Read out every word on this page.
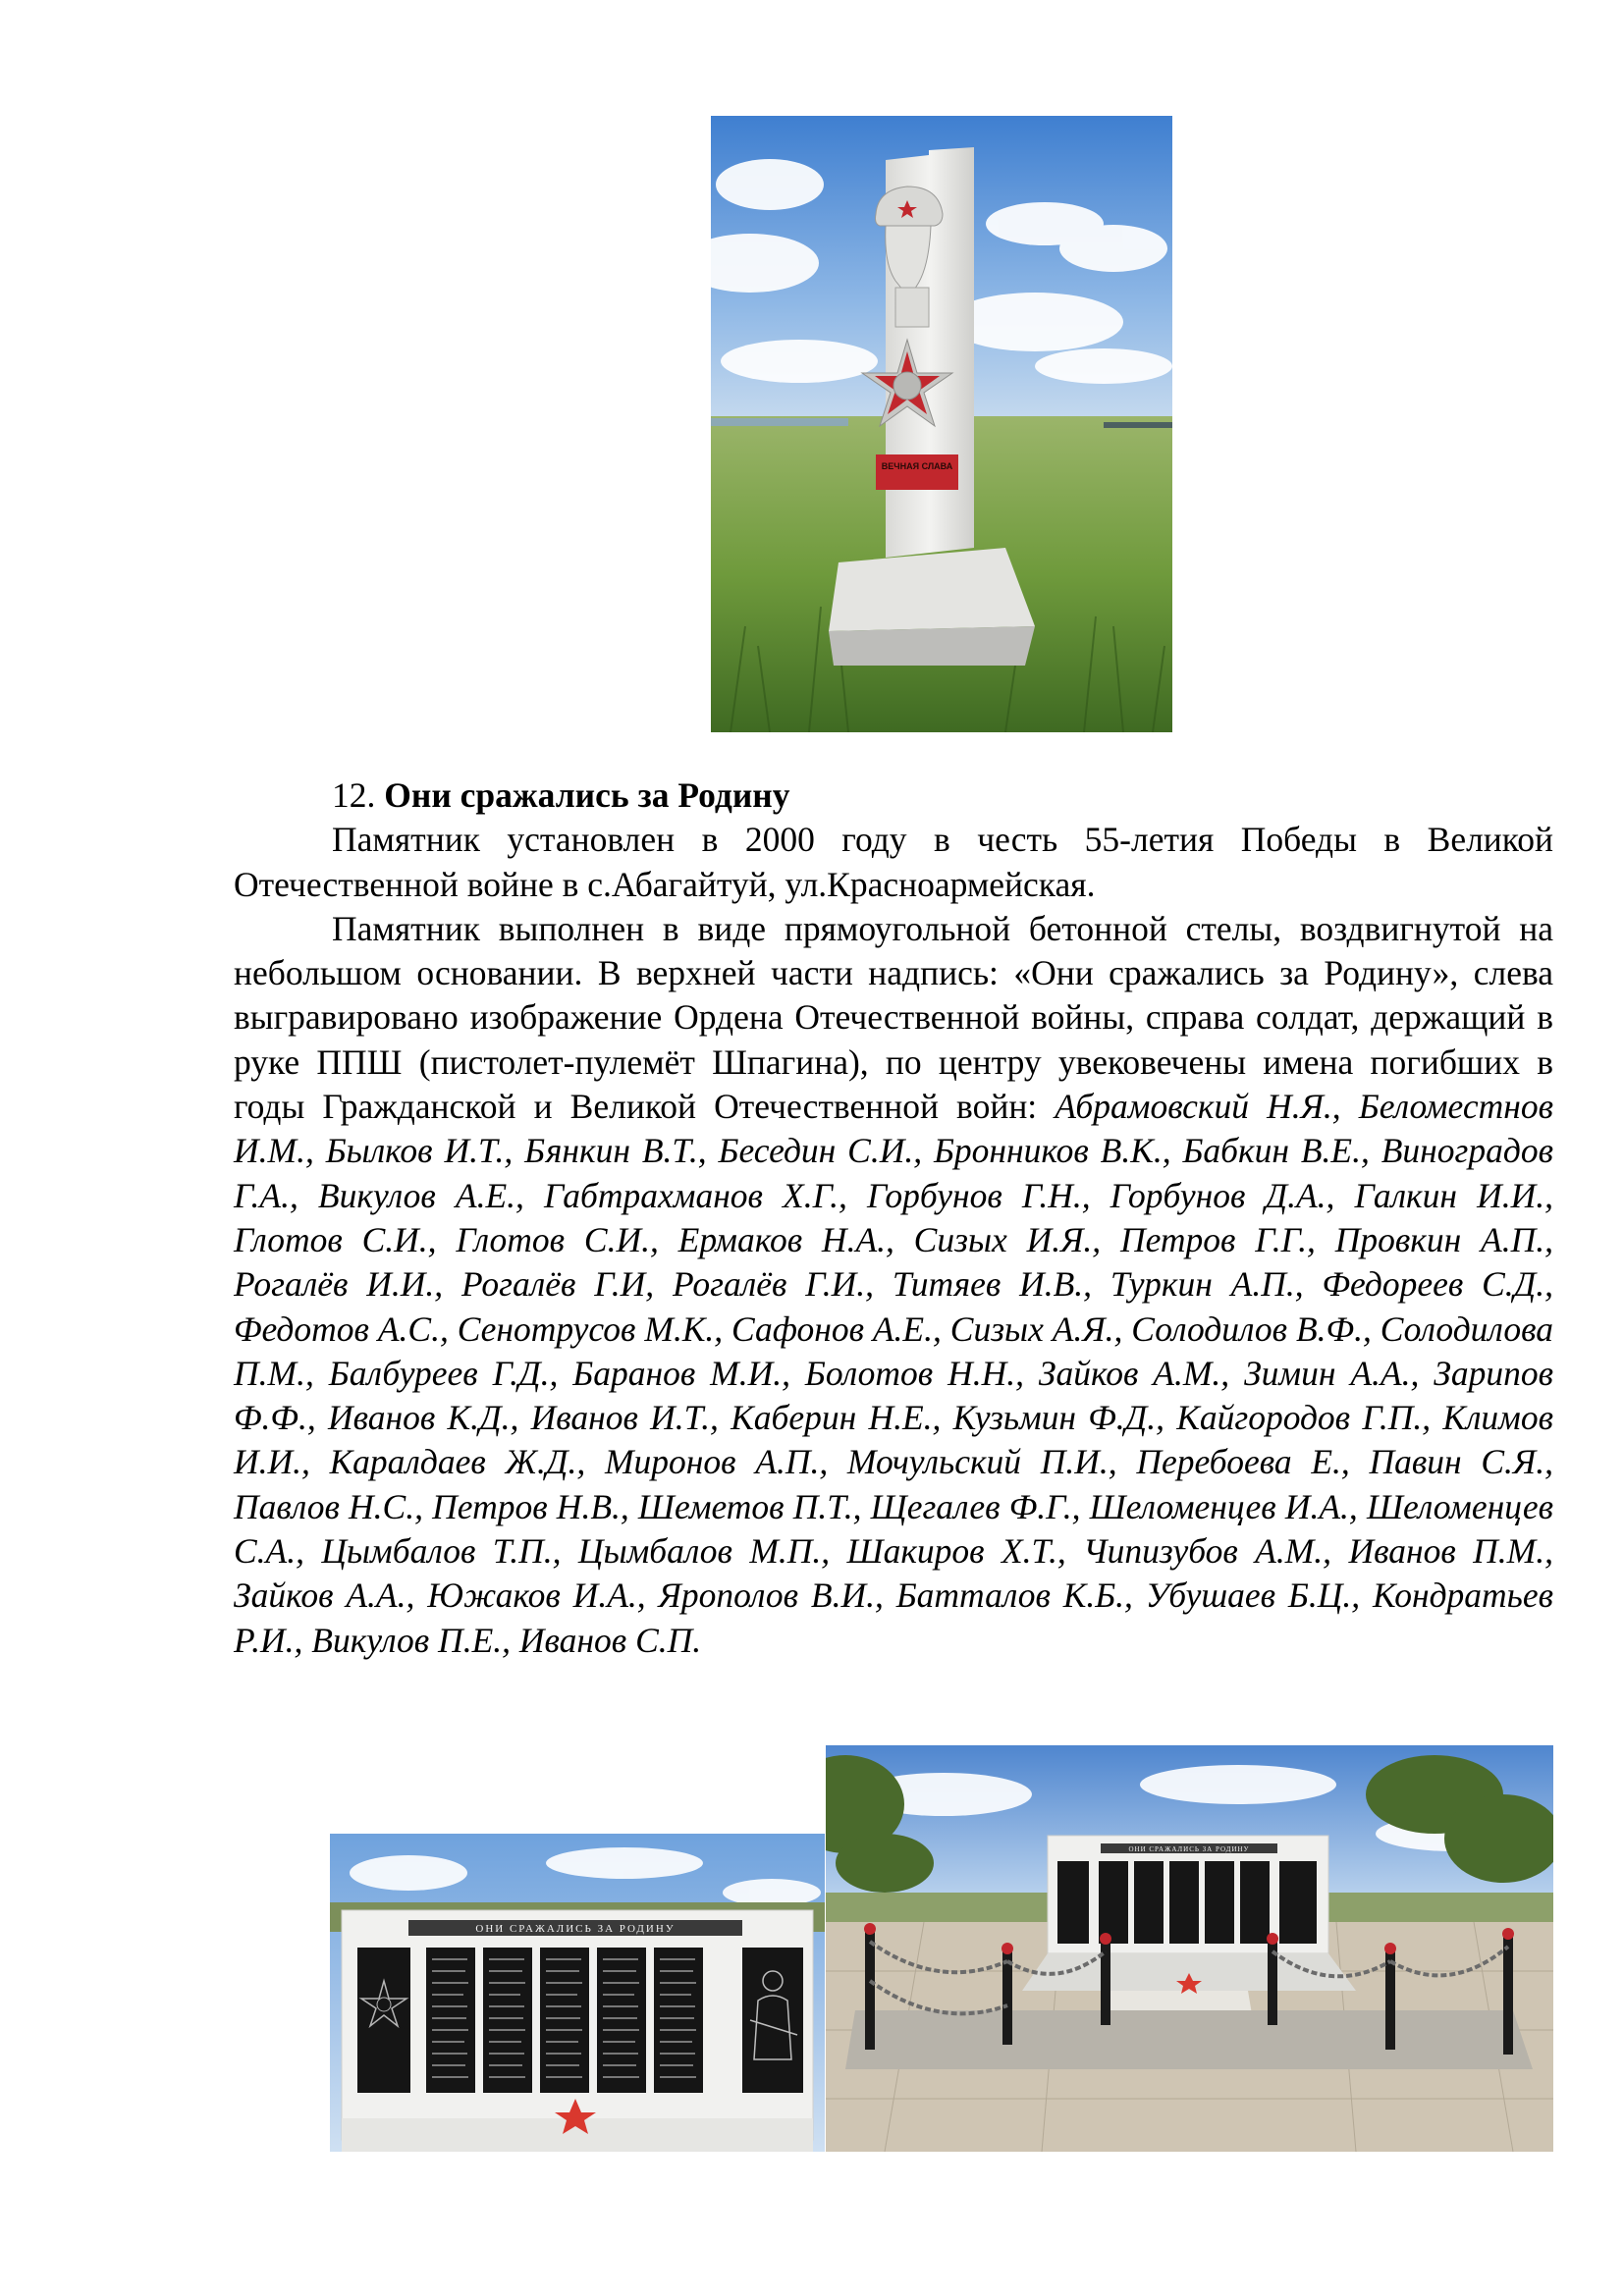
ВЕЧНАЯ СЛАВА

12. Они сражались за Родину

Памятник установлен в 2000 году в честь 55-летия Победы в Великой Отечественной войне в с.Абагайтуй, ул.Красноармейская.

Памятник выполнен в виде прямоугольной бетонной стелы, воздвигнутой на небольшом основании. В верхней части надпись: «Они сражались за Родину», слева выгравировано изображение Ордена Отечественной войны, справа солдат, держащий в руке ППШ (пистолет-пулемёт Шпагина), по центру увековечены имена погибших в годы Гражданской и Великой Отечественной войн: Абрамовский Н.Я., Беломестнов И.М., Былков И.Т., Бянкин В.Т., Беседин С.И., Бронников В.К., Бабкин В.Е., Виноградов Г.А., Викулов А.Е., Габтрахманов Х.Г., Горбунов Г.Н., Горбунов Д.А., Галкин И.И., Глотов С.И., Глотов С.И., Ермаков Н.А., Сизых И.Я., Петров Г.Г., Провкин А.П., Рогалёв И.И., Рогалёв Г.И, Рогалёв Г.И., Титяев И.В., Туркин А.П., Федореев С.Д., Федотов А.С., Сенотрусов М.К., Сафонов А.Е., Сизых А.Я., Солодилов В.Ф., Солодилова П.М., Балбуреев Г.Д., Баранов М.И., Болотов Н.Н., Зайков А.М., Зимин А.А., Зарипов Ф.Ф., Иванов К.Д., Иванов И.Т., Каберин Н.Е., Кузьмин Ф.Д., Кайгородов Г.П., Климов И.И., Каралдаев Ж.Д., Миронов А.П., Мочульский П.И., Перебоева Е., Павин С.Я., Павлов Н.С., Петров Н.В., Шеметов П.Т., Щегалев Ф.Г., Шеломенцев И.А., Шеломенцев С.А., Цымбалов Т.П., Цымбалов М.П., Шакиров Х.Т., Чипизубов А.М., Иванов П.М., Зайков А.А., Южаков И.А., Ярополов В.И., Батталов К.Б., Убушаев Б.Ц., Кондратьев Р.И., Викулов П.Е., Иванов С.П.

ОНИ СРАЖАЛИСЬ ЗА РОДИНУ
ОНИ СРАЖАЛИСЬ ЗА РОДИНУ
